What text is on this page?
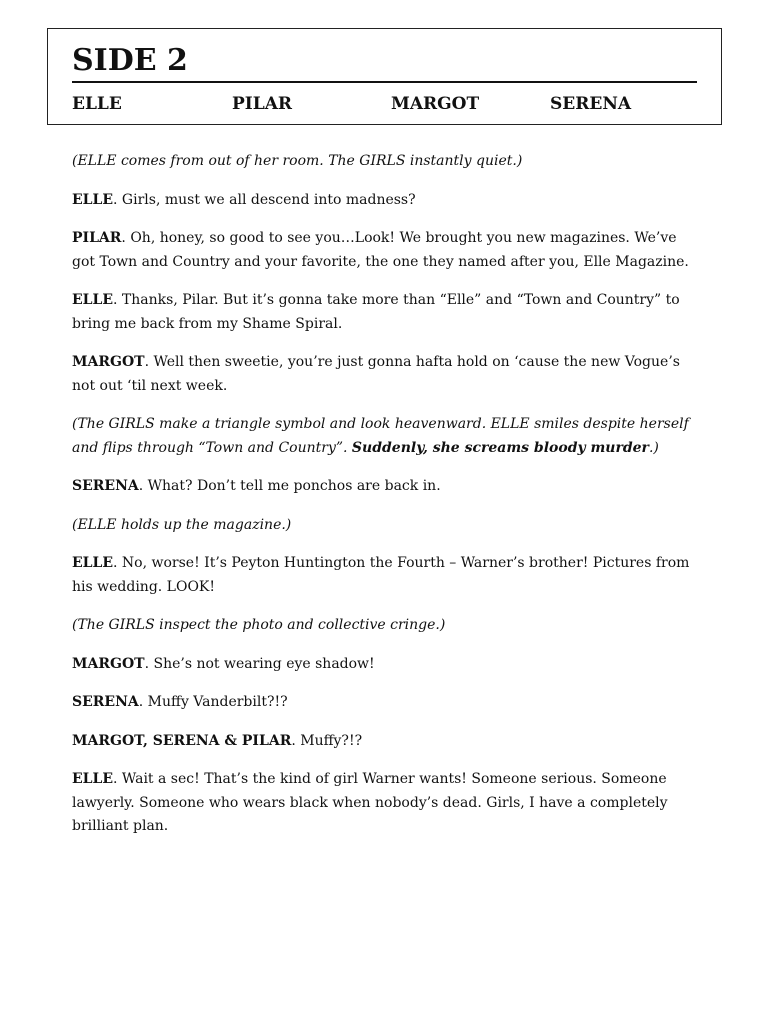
SIDE 2
ELLE	PILAR	MARGOT	SERENA

(ELLE comes from out of her room. The GIRLS instantly quiet.)

ELLE. Girls, must we all descend into madness?

PILAR. Oh, honey, so good to see you…Look! We brought you new magazines. We’ve got Town and Country and your favorite, the one they named after you, Elle Magazine.

ELLE. Thanks, Pilar. But it’s gonna take more than “Elle” and “Town and Country” to bring me back from my Shame Spiral.

MARGOT. Well then sweetie, you’re just gonna hafta hold on ‘cause the new Vogue’s not out ‘til next week.

(The GIRLS make a triangle symbol and look heavenward. ELLE smiles despite herself and flips through “Town and Country”. Suddenly, she screams bloody murder.)

SERENA. What? Don’t tell me ponchos are back in.

(ELLE holds up the magazine.)

ELLE. No, worse! It’s Peyton Huntington the Fourth – Warner’s brother! Pictures from his wedding. LOOK!

(The GIRLS inspect the photo and collective cringe.)

MARGOT. She’s not wearing eye shadow!

SERENA. Muffy Vanderbilt?!?

MARGOT, SERENA & PILAR. Muffy?!?

ELLE. Wait a sec! That’s the kind of girl Warner wants! Someone serious. Someone lawyerly. Someone who wears black when nobody’s dead. Girls, I have a completely brilliant plan.
